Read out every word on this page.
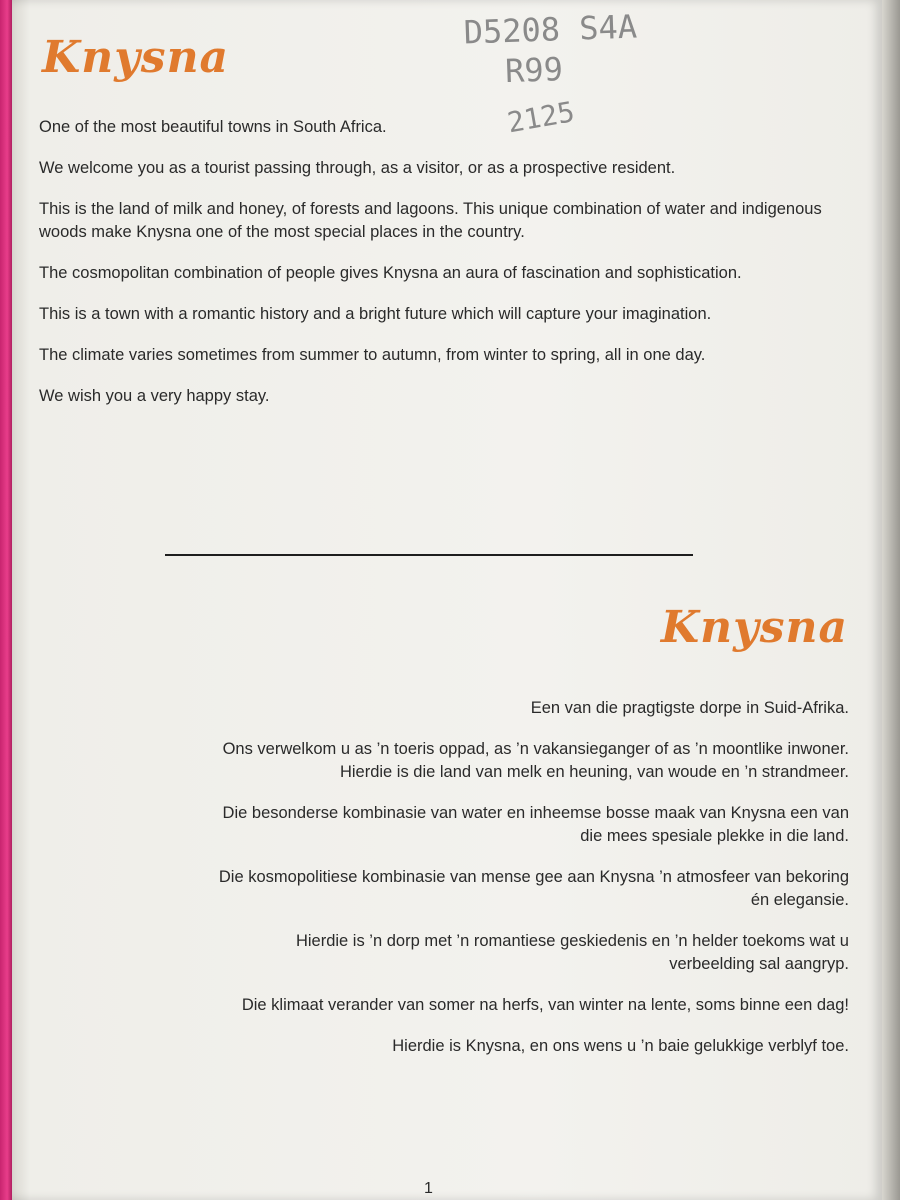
Knysna
D5208 S4A
R99
2125

One of the most beautiful towns in South Africa.

We welcome you as a tourist passing through, as a visitor, or as a prospective resident.

This is the land of milk and honey, of forests and lagoons. This unique combination of water and indigenous woods make Knysna one of the most special places in the country.

The cosmopolitan combination of people gives Knysna an aura of fascination and sophistication.

This is a town with a romantic history and a bright future which will capture your imagination.

The climate varies sometimes from summer to autumn, from winter to spring, all in one day.

We wish you a very happy stay.

Knysna

Een van die pragtigste dorpe in Suid-Afrika.

Ons verwelkom u as ’n toeris oppad, as ’n vakansieganger of as ’n moontlike inwoner.
Hierdie is die land van melk en heuning, van woude en ’n strandmeer.

Die besonderse kombinasie van water en inheemse bosse maak van Knysna een van
die mees spesiale plekke in die land.

Die kosmopolitiese kombinasie van mense gee aan Knysna ’n atmosfeer van bekoring
én elegansie.

Hierdie is ’n dorp met ’n romantiese geskiedenis en ’n helder toekoms wat u
verbeelding sal aangryp.

Die klimaat verander van somer na herfs, van winter na lente, soms binne een dag!

Hierdie is Knysna, en ons wens u ’n baie gelukkige verblyf toe.

1
